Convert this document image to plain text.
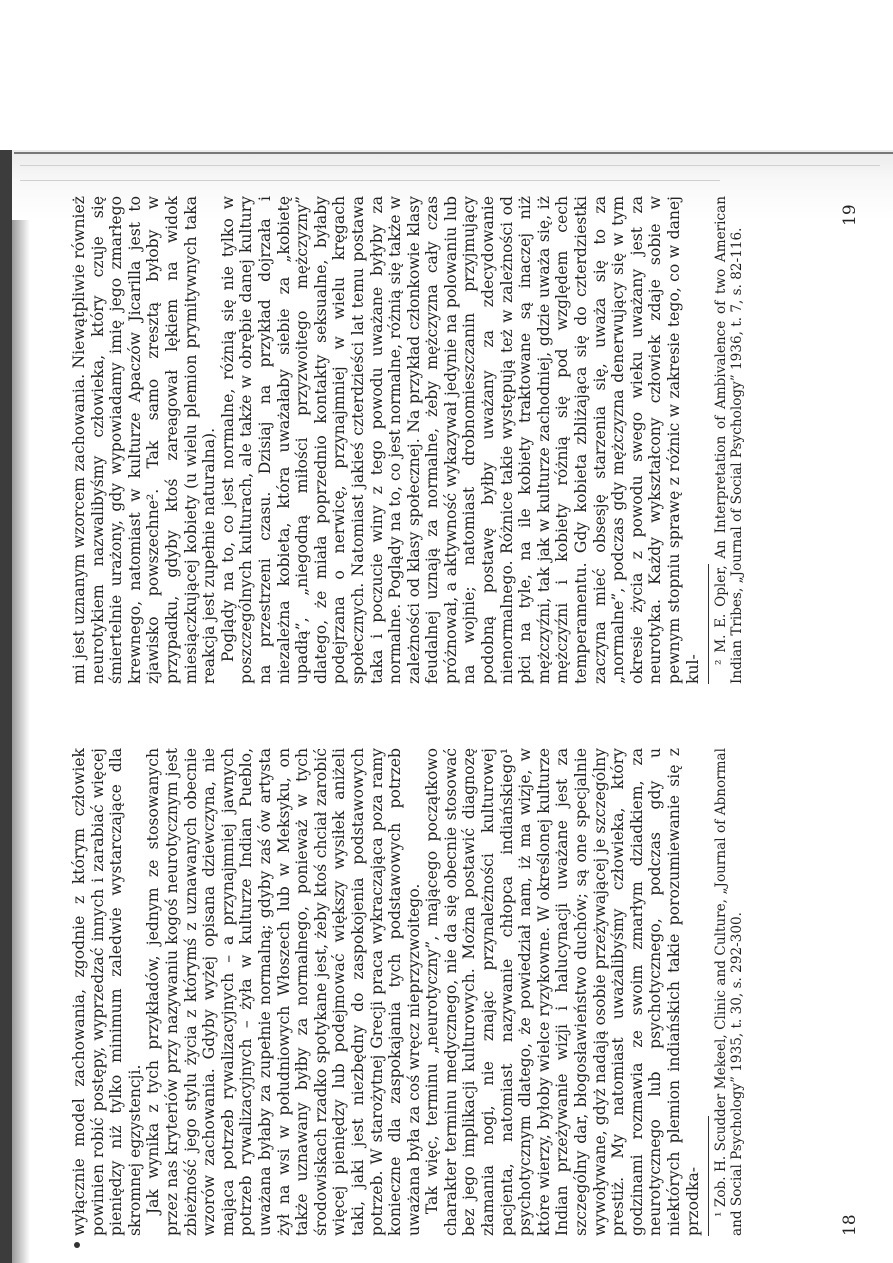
wyłącznie model zachowania, zgodnie z którym człowiek powinien robić postępy, wyprzedzać innych i zarabiać więcej pieniędzy niż tylko minimum zaledwie wystarczające dla skromnej egzystencji. Jak wynika z tych przykładów, jednym ze stosowanych przez nas kryteriów przy nazywaniu kogoś neurotycznym jest zbieżność jego stylu życia z którymś z uznawanych obecnie wzorów zachowania. Gdyby wyżej opisana dziewczyna, nie mająca potrzeb rywalizacyjnych – a przynajmniej jawnych potrzeb rywalizacyjnych – żyła w kulturze Indian Pueblo, uważana byłaby za zupełnie normalną; gdyby zaś ów artysta żył na wsi w południowych Włoszech lub w Meksyku, on także uznawany byłby za normalnego, ponieważ w tych środowiskach rzadko spotykane jest, żeby ktoś chciał zarobić więcej pieniędzy lub podejmować większy wysiłek aniżeli taki, jaki jest niezbędny do zaspokojenia podstawowych potrzeb. W starożytnej Grecji praca wykraczająca poza ramy konieczne dla zaspokajania tych podstawowych potrzeb uważana była za coś wręcz nieprzyzwoitego. Tak więc, terminu „neurotyczny”, mającego początkowo charakter terminu medycznego, nie da się obecnie stosować bez jego implikacji kulturowych. Można postawić diagnozę złamania nogi, nie znając przynależności kulturowej pacjenta, natomiast nazywanie chłopca indiańskiego¹ psychotycznym dlatego, że powiedział nam, iż ma wizje, w które wierzy, byłoby wielce ryzykowne. W określonej kulturze Indian przeżywanie wizji i halucynacji uważane jest za szczególny dar, błogosławieństwo duchów; są one specjalnie wywoływane, gdyż nadają osobie przeżywającej je szczególny prestiż. My natomiast uważalibyśmy człowieka, który godzinami rozmawia ze swoim zmarłym dziadkiem, za neurotycznego lub psychotycznego, podczas gdy u niektórych plemion indiańskich takie porozumiewanie się z przodka- ¹ Zob. H. Scudder Mekeel, Clinic and Culture, „Journal of Abnormal and Social Psychology” 1935, t. 30, s. 292-300.

mi jest uznanym wzorcem zachowania. Niewątpliwie również neurotykiem nazwalibyśmy człowieka, który czuje się śmiertelnie urażony, gdy wypowiadamy imię jego zmarłego krewnego, natomiast w kulturze Apaczów Jicarilla jest to zjawisko powszechne². Tak samo zresztą byłoby w przypadku, gdyby ktoś zareagował lękiem na widok miesiączkującej kobiety (u wielu plemion prymitywnych taka reakcja jest zupełnie naturalna). Poglądy na to, co jest normalne, różnią się nie tylko w poszczególnych kulturach, ale także w obrębie danej kultury na przestrzeni czasu. Dzisiaj na przykład dojrzała i niezależna kobieta, która uważałaby siebie za „kobietę upadłą”, „niegodną miłości przyzwoitego mężczyzny” dlatego, że miała poprzednio kontakty seksualne, byłaby podejrzana o nerwicę, przynajmniej w wielu kręgach społecznych. Natomiast jakieś czterdzieści lat temu postawa taka i poczucie winy z tego powodu uważane byłyby za normalne. Poglądy na to, co jest normalne, różnią się także w zależności od klasy społecznej. Na przykład członkowie klasy feudalnej uznają za normalne, żeby mężczyzna cały czas próżnował, a aktywność wykazywał jedynie na polowaniu lub na wojnie; natomiast drobnomieszczanin przyjmujący podobną postawę byłby uważany za zdecydowanie nienormalnego. Różnice takie występują też w zależności od płci na tyle, na ile kobiety traktowane są inaczej niż mężczyźni, tak jak w kulturze zachodniej, gdzie uważa się, iż mężczyźni i kobiety różnią się pod względem cech temperamentu. Gdy kobieta zbliżająca się do czterdziestki zaczyna mieć obsesję starzenia się, uważa się to za „normalne”, podczas gdy mężczyzna denerwujący się w tym okresie życia z powodu swego wieku uważany jest za neurotyka. Każdy wykształcony człowiek zdaje sobie w pewnym stopniu sprawę z różnic w zakresie tego, co w danej kul-

² M. E. Opler, An Interpretation of Ambivalence of two American Indian Tribes, „Journal of Social Psychology” 1936, t. 7, s. 82-116.

18
19
